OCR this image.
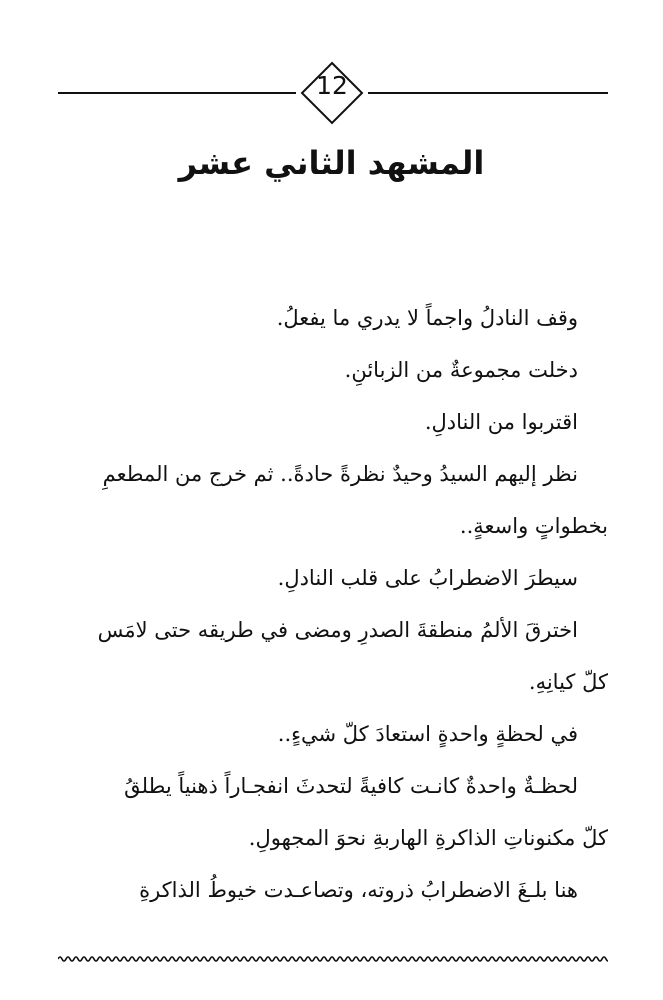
12
المشهد الثاني عشر

وقف النادلُ واجماً لا يدري ما يفعلُ.

دخلت مجموعةٌ من الزبائنِ.

اقتربوا من النادلِ.

نظر إليهم السيدُ وحيدٌ نظرةً حادةً.. ثم خرج من المطعمِ

بخطواتٍ واسعةٍ..

سيطرَ الاضطرابُ على قلب النادلِ.

اخترقَ الألمُ منطقةَ الصدرِ ومضى في طريقه حتى لامَس

كلّ كيانِهِ.

في لحظةٍ واحدةٍ استعادَ كلّ شيءٍ..

لحظـةٌ واحدةٌ كانـت كافيةً لتحدثَ انفجـاراً ذهنياً يطلقُ

كلّ مكنوناتِ الذاكرةِ الهاربةِ نحوَ المجهولِ.

هنا بلـغَ الاضطرابُ ذروته، وتصاعـدت خيوطُ الذاكرةِ
